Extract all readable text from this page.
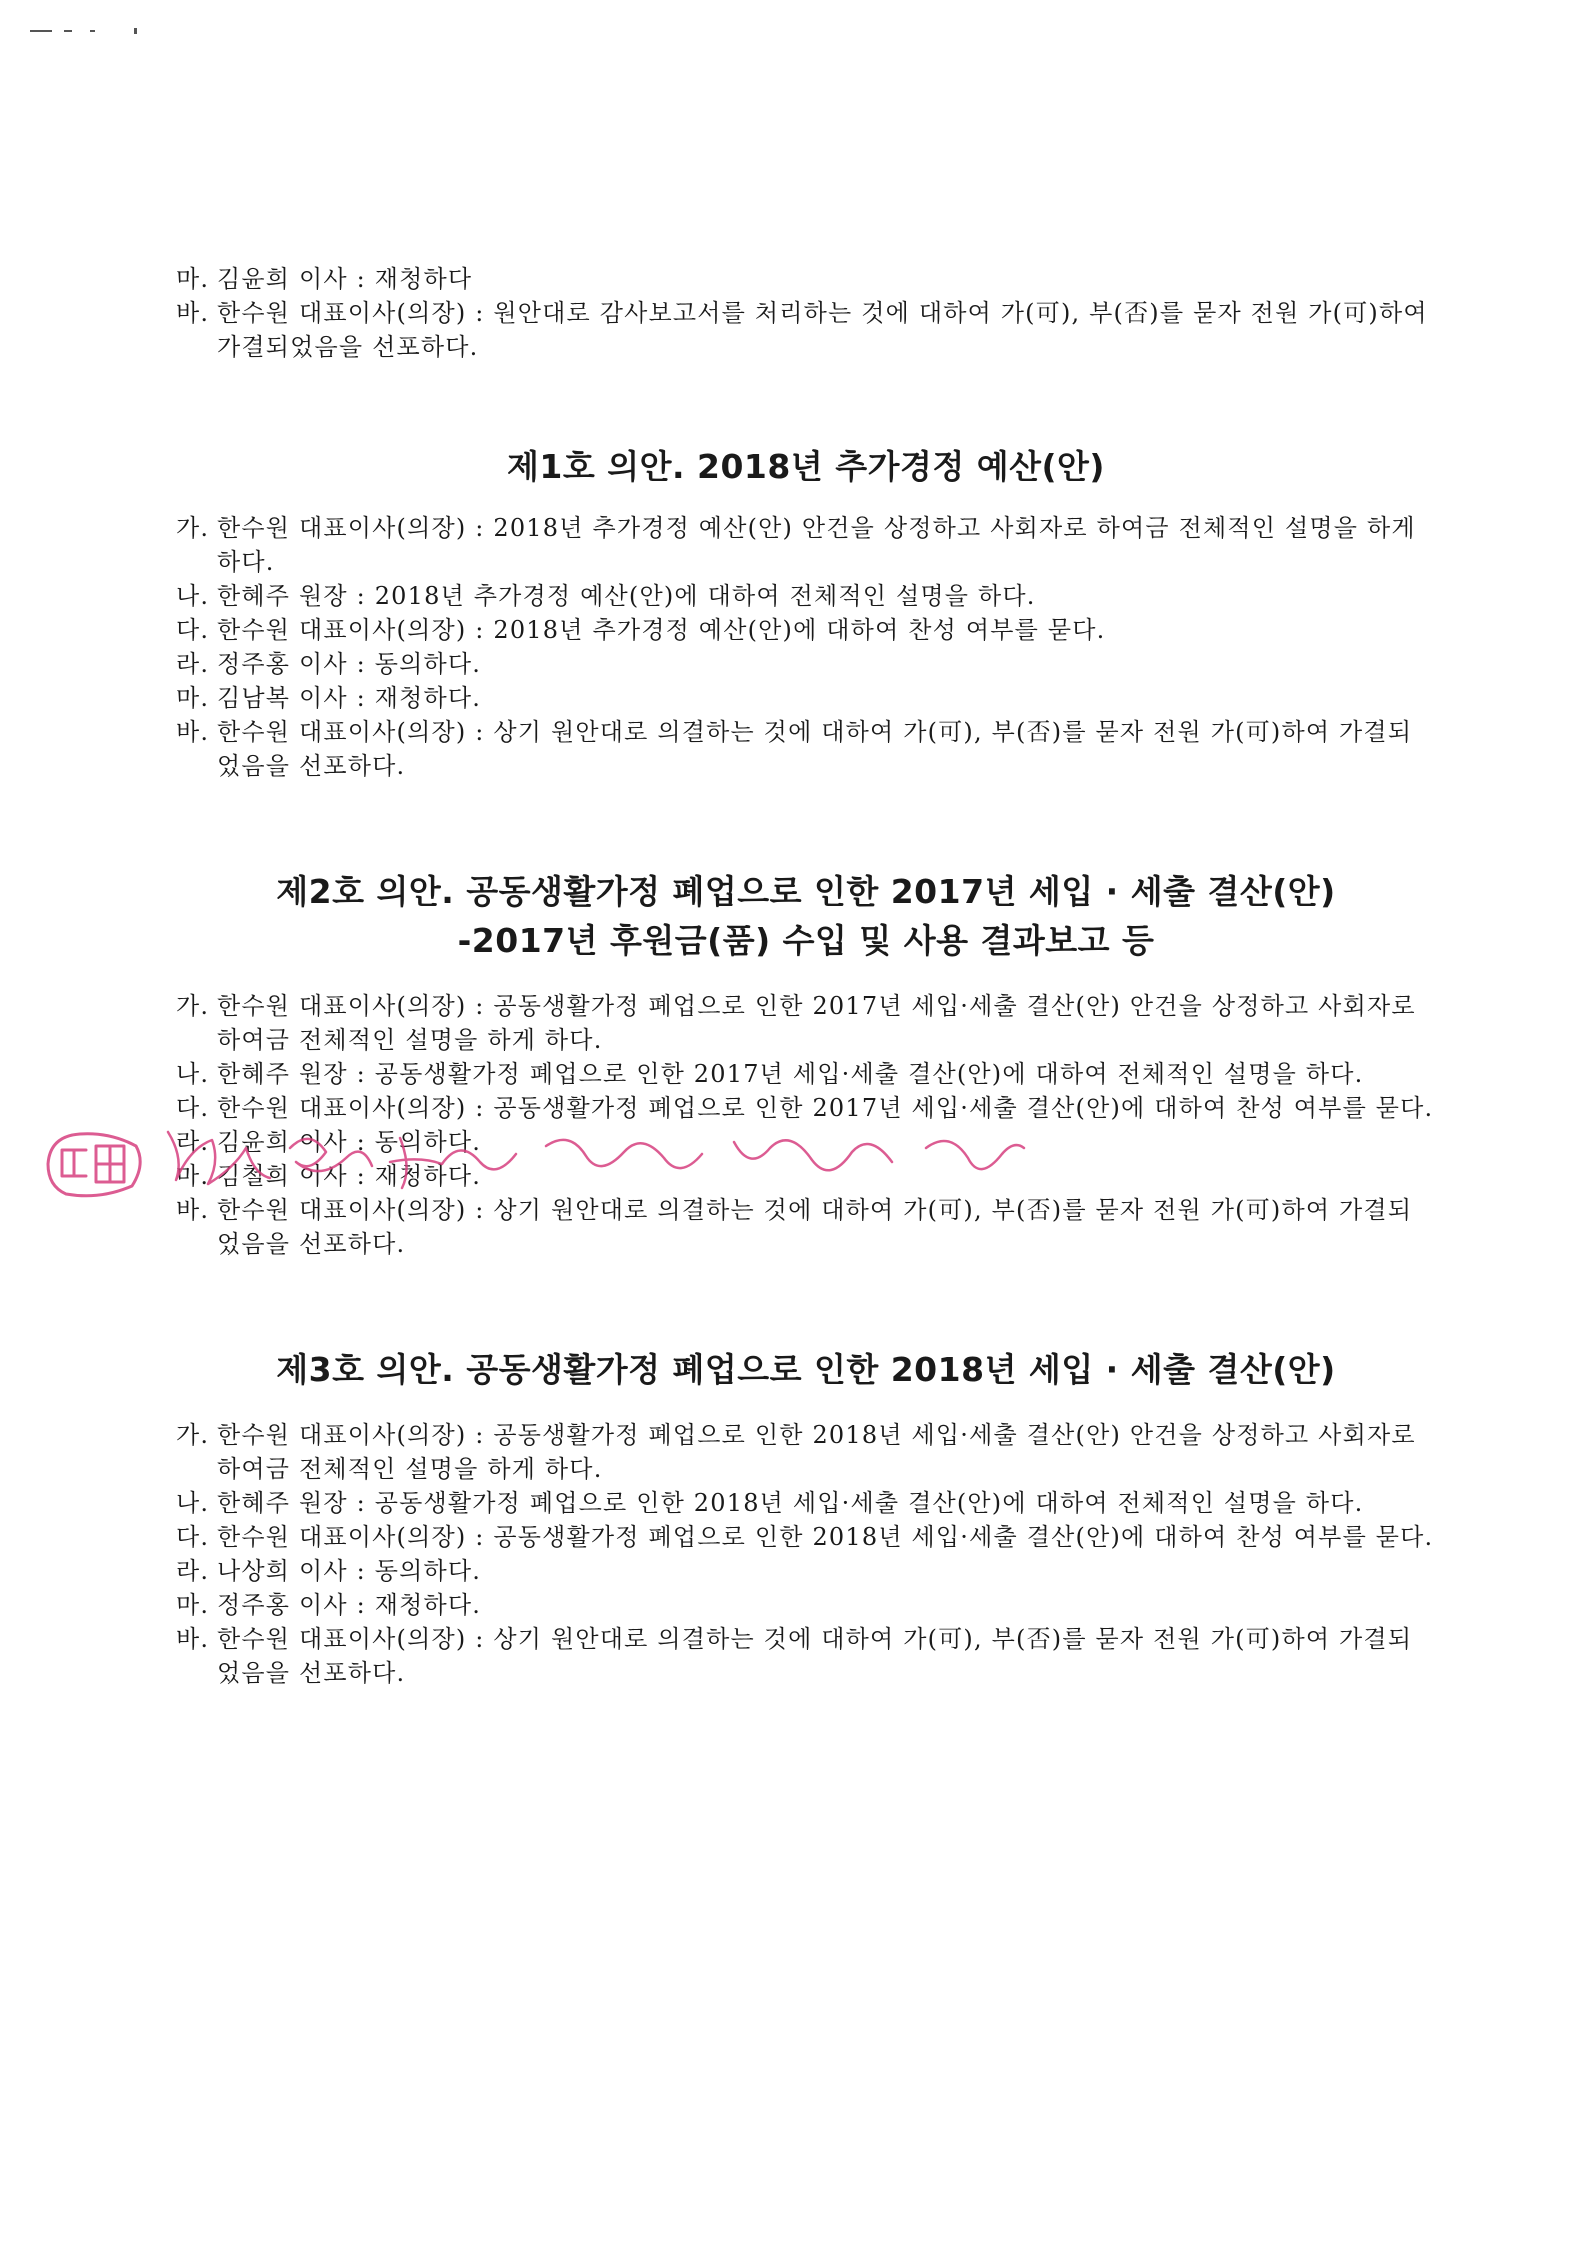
마. 김윤희 이사 : 재청하다
바. 한수원 대표이사(의장) : 원안대로 감사보고서를 처리하는 것에 대하여 가(可), 부(否)를 묻자 전원 가(可)하여 가결되었음을 선포하다.
제1호 의안. 2018년 추가경정 예산(안)
가. 한수원 대표이사(의장) : 2018년 추가경정 예산(안) 안건을 상정하고 사회자로 하여금 전체적인 설명을 하게 하다.
나. 한혜주 원장 : 2018년 추가경정 예산(안)에 대하여 전체적인 설명을 하다.
다. 한수원 대표이사(의장) : 2018년 추가경정 예산(안)에 대하여 찬성 여부를 묻다.
라. 정주홍 이사 : 동의하다.
마. 김남복 이사 : 재청하다.
바. 한수원 대표이사(의장) : 상기 원안대로 의결하는 것에 대하여 가(可), 부(否)를 묻자 전원 가(可)하여 가결되었음을 선포하다.
제2호 의안. 공동생활가정 폐업으로 인한 2017년 세입 · 세출 결산(안)
-2017년 후원금(품) 수입 및 사용 결과보고 등
가. 한수원 대표이사(의장) : 공동생활가정 폐업으로 인한 2017년 세입·세출 결산(안) 안건을 상정하고 사회자로 하여금 전체적인 설명을 하게 하다.
나. 한혜주 원장 : 공동생활가정 폐업으로 인한 2017년 세입·세출 결산(안)에 대하여 전체적인 설명을 하다.
다. 한수원 대표이사(의장) : 공동생활가정 폐업으로 인한 2017년 세입·세출 결산(안)에 대하여 찬성 여부를 묻다.
라. 김윤희 이사 : 동의하다.
마. 김철희 이사 : 재청하다.
바. 한수원 대표이사(의장) : 상기 원안대로 의결하는 것에 대하여 가(可), 부(否)를 묻자 전원 가(可)하여 가결되었음을 선포하다.
제3호 의안. 공동생활가정 폐업으로 인한 2018년 세입 · 세출 결산(안)
가. 한수원 대표이사(의장) : 공동생활가정 폐업으로 인한 2018년 세입·세출 결산(안) 안건을 상정하고 사회자로 하여금 전체적인 설명을 하게 하다.
나. 한혜주 원장 : 공동생활가정 폐업으로 인한 2018년 세입·세출 결산(안)에 대하여 전체적인 설명을 하다.
다. 한수원 대표이사(의장) : 공동생활가정 폐업으로 인한 2018년 세입·세출 결산(안)에 대하여 찬성 여부를 묻다.
라. 나상희 이사 : 동의하다.
마. 정주홍 이사 : 재청하다.
바. 한수원 대표이사(의장) : 상기 원안대로 의결하는 것에 대하여 가(可), 부(否)를 묻자 전원 가(可)하여 가결되었음을 선포하다.
